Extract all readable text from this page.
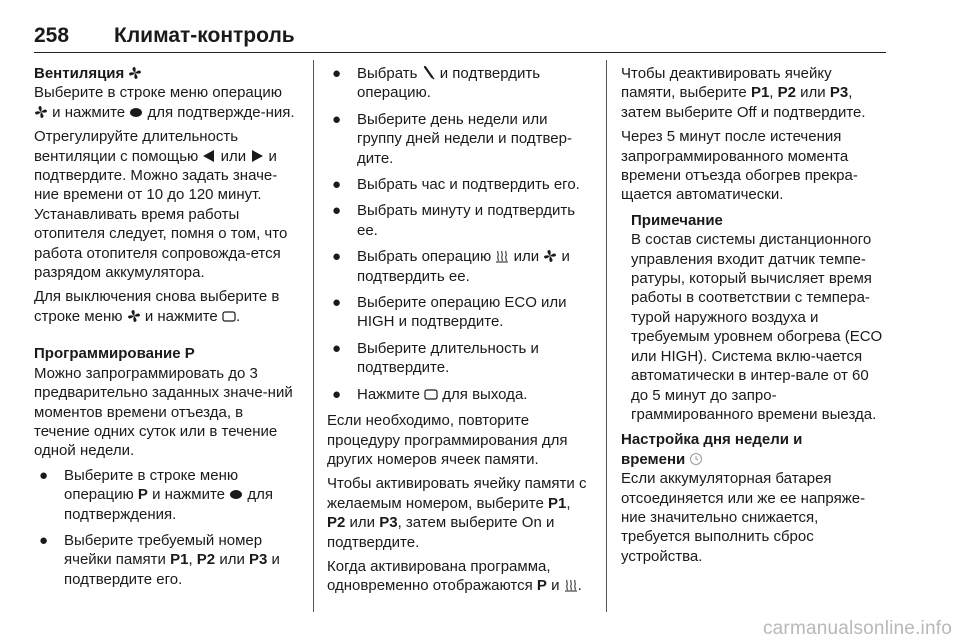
258 Климат-контроль
Вентиляция

Выберите в строке меню операцию
и нажмите для подтвержде-ния.

Отрегулируйте длительность вентиляции с помощью или и подтвердите. Можно задать значе-ние времени от 10 до 120 минут. Устанавливать время работы отопителя следует, помня о том, что работа отопителя сопровожда-ется разрядом аккумулятора.

Для выключения снова выберите в строке меню и нажмите .

Программирование P

Можно запрограммировать до 3 предварительно заданных значе-ний моментов времени отъезда, в течение одних суток или в течение одной недели.

● Выберите в строке меню операцию P и нажмите для подтверждения.
● Выберите требуемый номер ячейки памяти P1, P2 или P3 и подтвердите его.
● Выбрать и подтвердить операцию.
● Выберите день недели или группу дней недели и подтвер-дите.
● Выбрать час и подтвердить его.
● Выбрать минуту и подтвердить ее.
● Выбрать операцию или и подтвердить ее.
● Выберите операцию ECO или HIGH и подтвердите.
● Выберите длительность и подтвердите.
● Нажмите для выхода.

Если необходимо, повторите процедуру программирования для других номеров ячеек памяти.

Чтобы активировать ячейку памяти с желаемым номером, выберите P1, P2 или P3, затем выберите On и подтвердите.

Когда активирована программа, одновременно отображаются P и .

Чтобы деактивировать ячейку памяти, выберите P1, P2 или P3, затем выберите Off и подтвердите.

Через 5 минут после истечения запрограммированного момента времени отъезда обогрев прекра-щается автоматически.

Примечание

В состав системы дистанционного управления входит датчик темпе-ратуры, который вычисляет время работы в соответствии с темпера-турой наружного воздуха и требуемым уровнем обогрева (ECO или HIGH). Система вклю-чается автоматически в интер-вале от 60 до 5 минут до запро-граммированного времени выезда.

Настройка дня недели и
времени

Если аккумуляторная батарея отсоединяется или же ее напряже-ние значительно снижается, требуется выполнить сброс устройства.

carmanualsonline.info
